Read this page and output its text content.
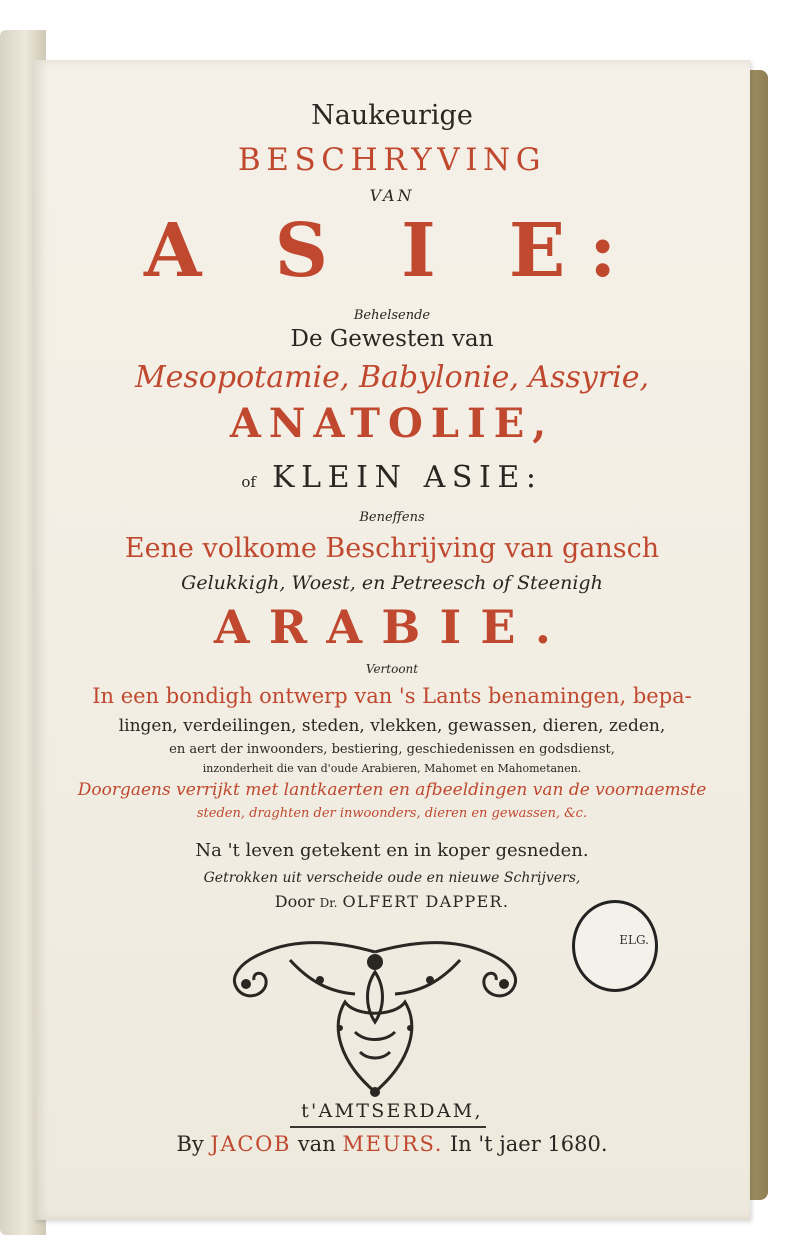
Naukeurige

BESCHRYVING

VAN

A S I E:

Behelsende

De Gewesten van

Mesopotamie, Babylonie, Assyrie,

ANATOLIE,

of KLEIN ASIE:

Beneffens

Eene volkome Beschrijving van gansch

Gelukkigh, Woest, en Petreesch of Steenigh

ARABIE.

Vertoont

In een bondigh ontwerp van 's Lants benamingen, bepa-

lingen, verdeilingen, steden, vlekken, gewassen, dieren, zeden,

en aert der inwoonders, bestiering, geschiedenissen en godsdienst,

inzonderheit die van d'oude Arabieren, Mahomet en Mahometanen.

Doorgaens verrijkt met lantkaerten en afbeeldingen van de voornaemste

steden, draghten der inwoonders, dieren en gewassen, &c.

Na 't leven getekent en in koper gesneden.

Getrokken uit verscheide oude en nieuwe Schrijvers,

Door Dr. OLFERT DAPPER.

ELG.

t'AMTSERDAM,

By JACOB van MEURS. In 't jaer 1680.
